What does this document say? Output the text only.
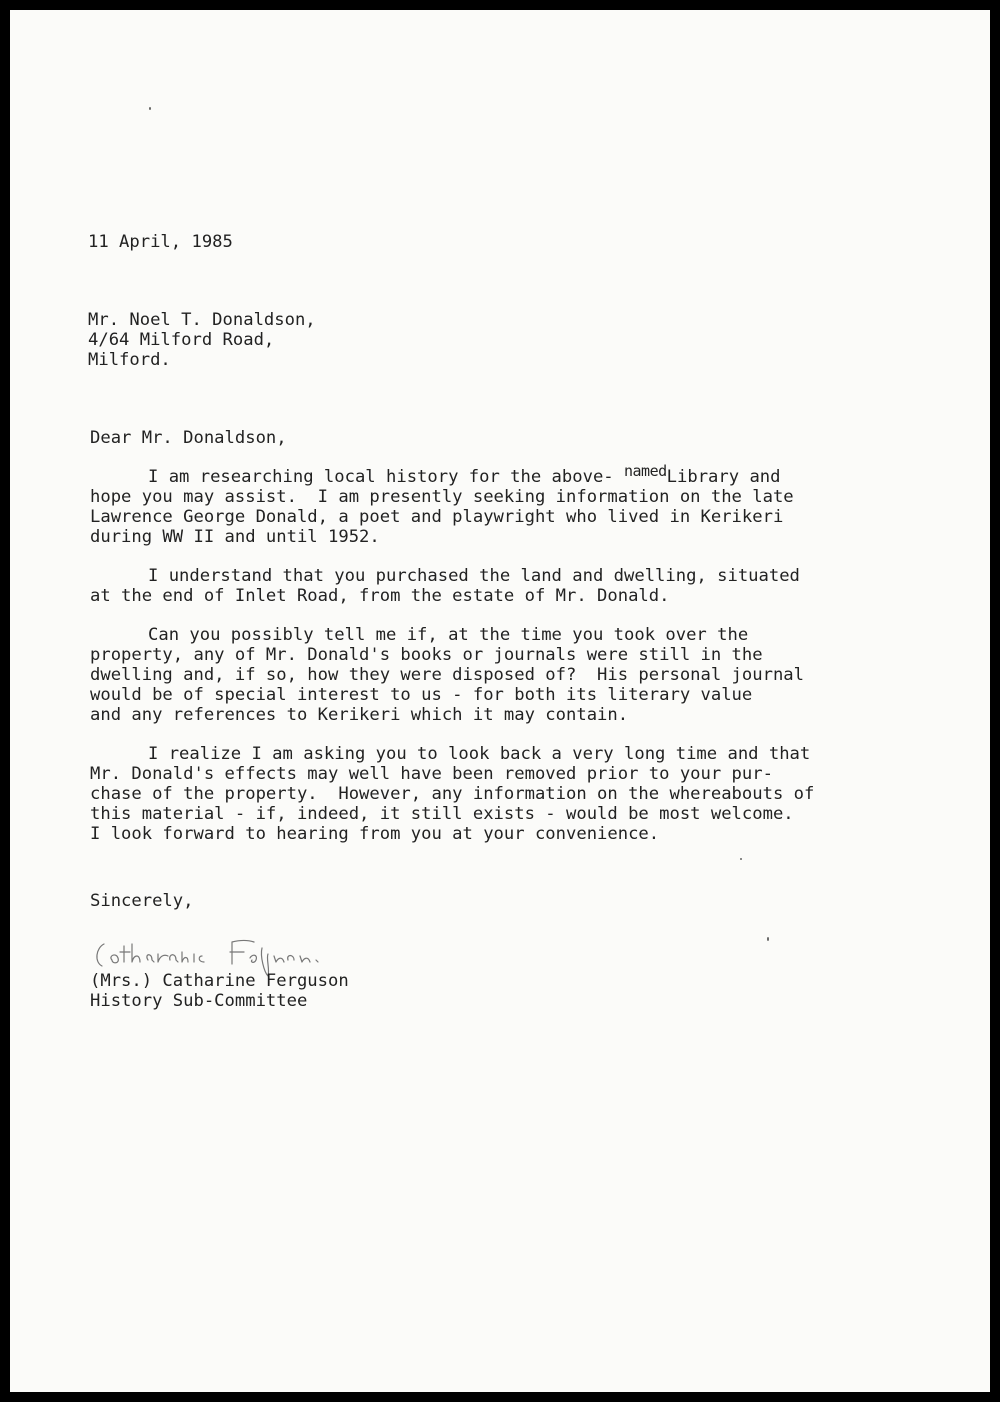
11 April, 1985
Mr. Noel T. Donaldson,
4/64 Milford Road,
Milford.
Dear Mr. Donaldson,
I am researching local history for the above- namedLibrary and
hope you may assist.  I am presently seeking information on the late
Lawrence George Donald, a poet and playwright who lived in Kerikeri
during WW II and until 1952.
I understand that you purchased the land and dwelling, situated
at the end of Inlet Road, from the estate of Mr. Donald.
Can you possibly tell me if, at the time you took over the
property, any of Mr. Donald's books or journals were still in the
dwelling and, if so, how they were disposed of?  His personal journal
would be of special interest to us - for both its literary value
and any references to Kerikeri which it may contain.
I realize I am asking you to look back a very long time and that
Mr. Donald's effects may well have been removed prior to your pur-
chase of the property.  However, any information on the whereabouts of
this material - if, indeed, it still exists - would be most welcome.
I look forward to hearing from you at your convenience.
Sincerely,
(Mrs.) Catharine Ferguson
History Sub-Committee
